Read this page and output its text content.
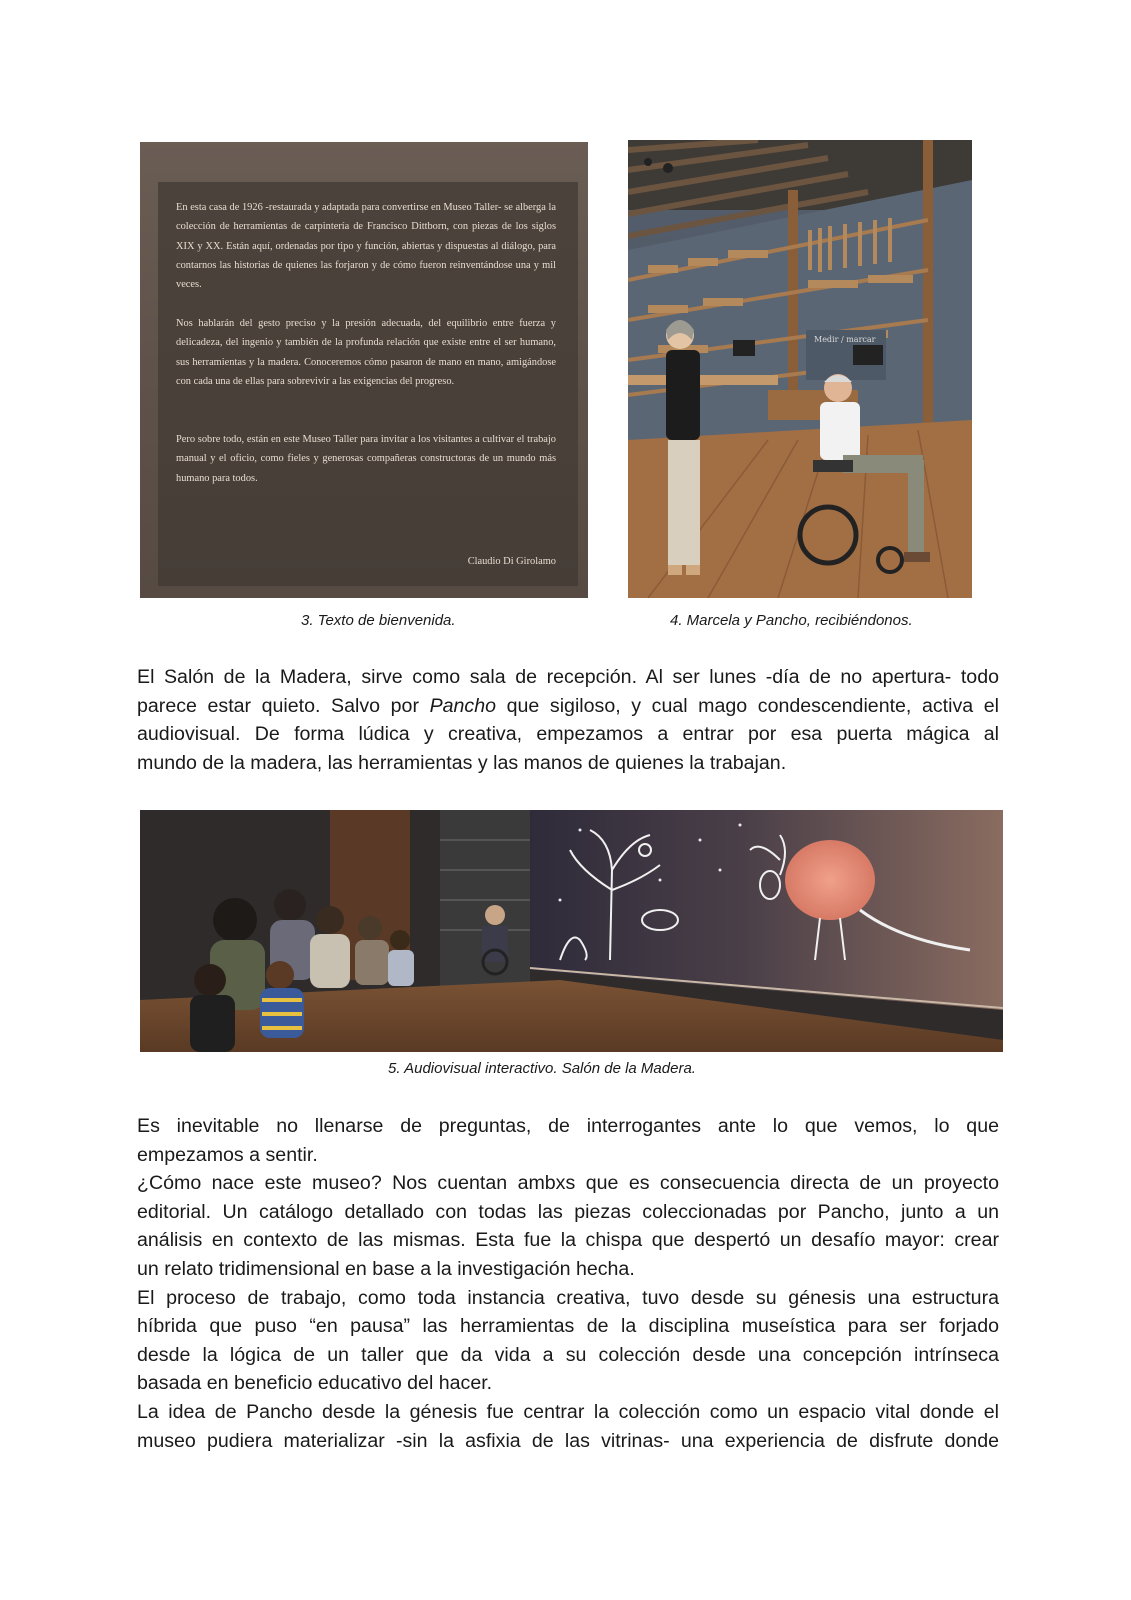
En esta casa de 1926 -restaurada y adaptada para convertirse en Museo Taller- se alberga la colección de herramientas de carpintería de Francisco Dittborn, con piezas de los siglos XIX y XX. Están aquí, ordenadas por tipo y función, abiertas y dispuestas al diálogo, para contarnos las historias de quienes las forjaron y de cómo fueron reinventándose una y mil veces.

Nos hablarán del gesto preciso y la presión adecuada, del equilibrio entre fuerza y delicadeza, del ingenio y también de la profunda relación que existe entre el ser humano, sus herramientas y la madera. Conoceremos cómo pasaron de mano en mano, amigándose con cada una de ellas para sobrevivir a las exigencias del progreso.

Pero sobre todo, están en este Museo Taller para invitar a los visitantes a cultivar el trabajo manual y el oficio, como fieles y generosas compañeras constructoras de un mundo más humano para todos.

Claudio Di Girolamo

3. Texto de bienvenida.

Medir / marcar

4. Marcela y Pancho, recibiéndonos.

El Salón de la Madera, sirve como sala de recepción. Al ser lunes -día de no apertura- todo
parece estar quieto. Salvo por Pancho que sigiloso, y cual mago condescendiente, activa el
audiovisual. De forma lúdica y creativa, empezamos a entrar por esa puerta mágica al
mundo de la madera, las herramientas y las manos de quienes la trabajan.

5. Audiovisual interactivo. Salón de la Madera.

Es inevitable no llenarse de preguntas, de interrogantes ante lo que vemos, lo que
empezamos a sentir.
¿Cómo nace este museo? Nos cuentan ambxs que es consecuencia directa de un proyecto
editorial. Un catálogo detallado con todas las piezas coleccionadas por Pancho, junto a un
análisis en contexto de las mismas. Esta fue la chispa que despertó un desafío mayor: crear
un relato tridimensional en base a la investigación hecha.
El proceso de trabajo, como toda instancia creativa, tuvo desde su génesis una estructura
híbrida que puso “en pausa” las herramientas de la disciplina museística para ser forjado
desde la lógica de un taller que da vida a su colección desde una concepción intrínseca
basada en beneficio educativo del hacer.
La idea de Pancho desde la génesis fue centrar la colección como un espacio vital donde el
museo pudiera materializar -sin la asfixia de las vitrinas- una experiencia de disfrute donde
